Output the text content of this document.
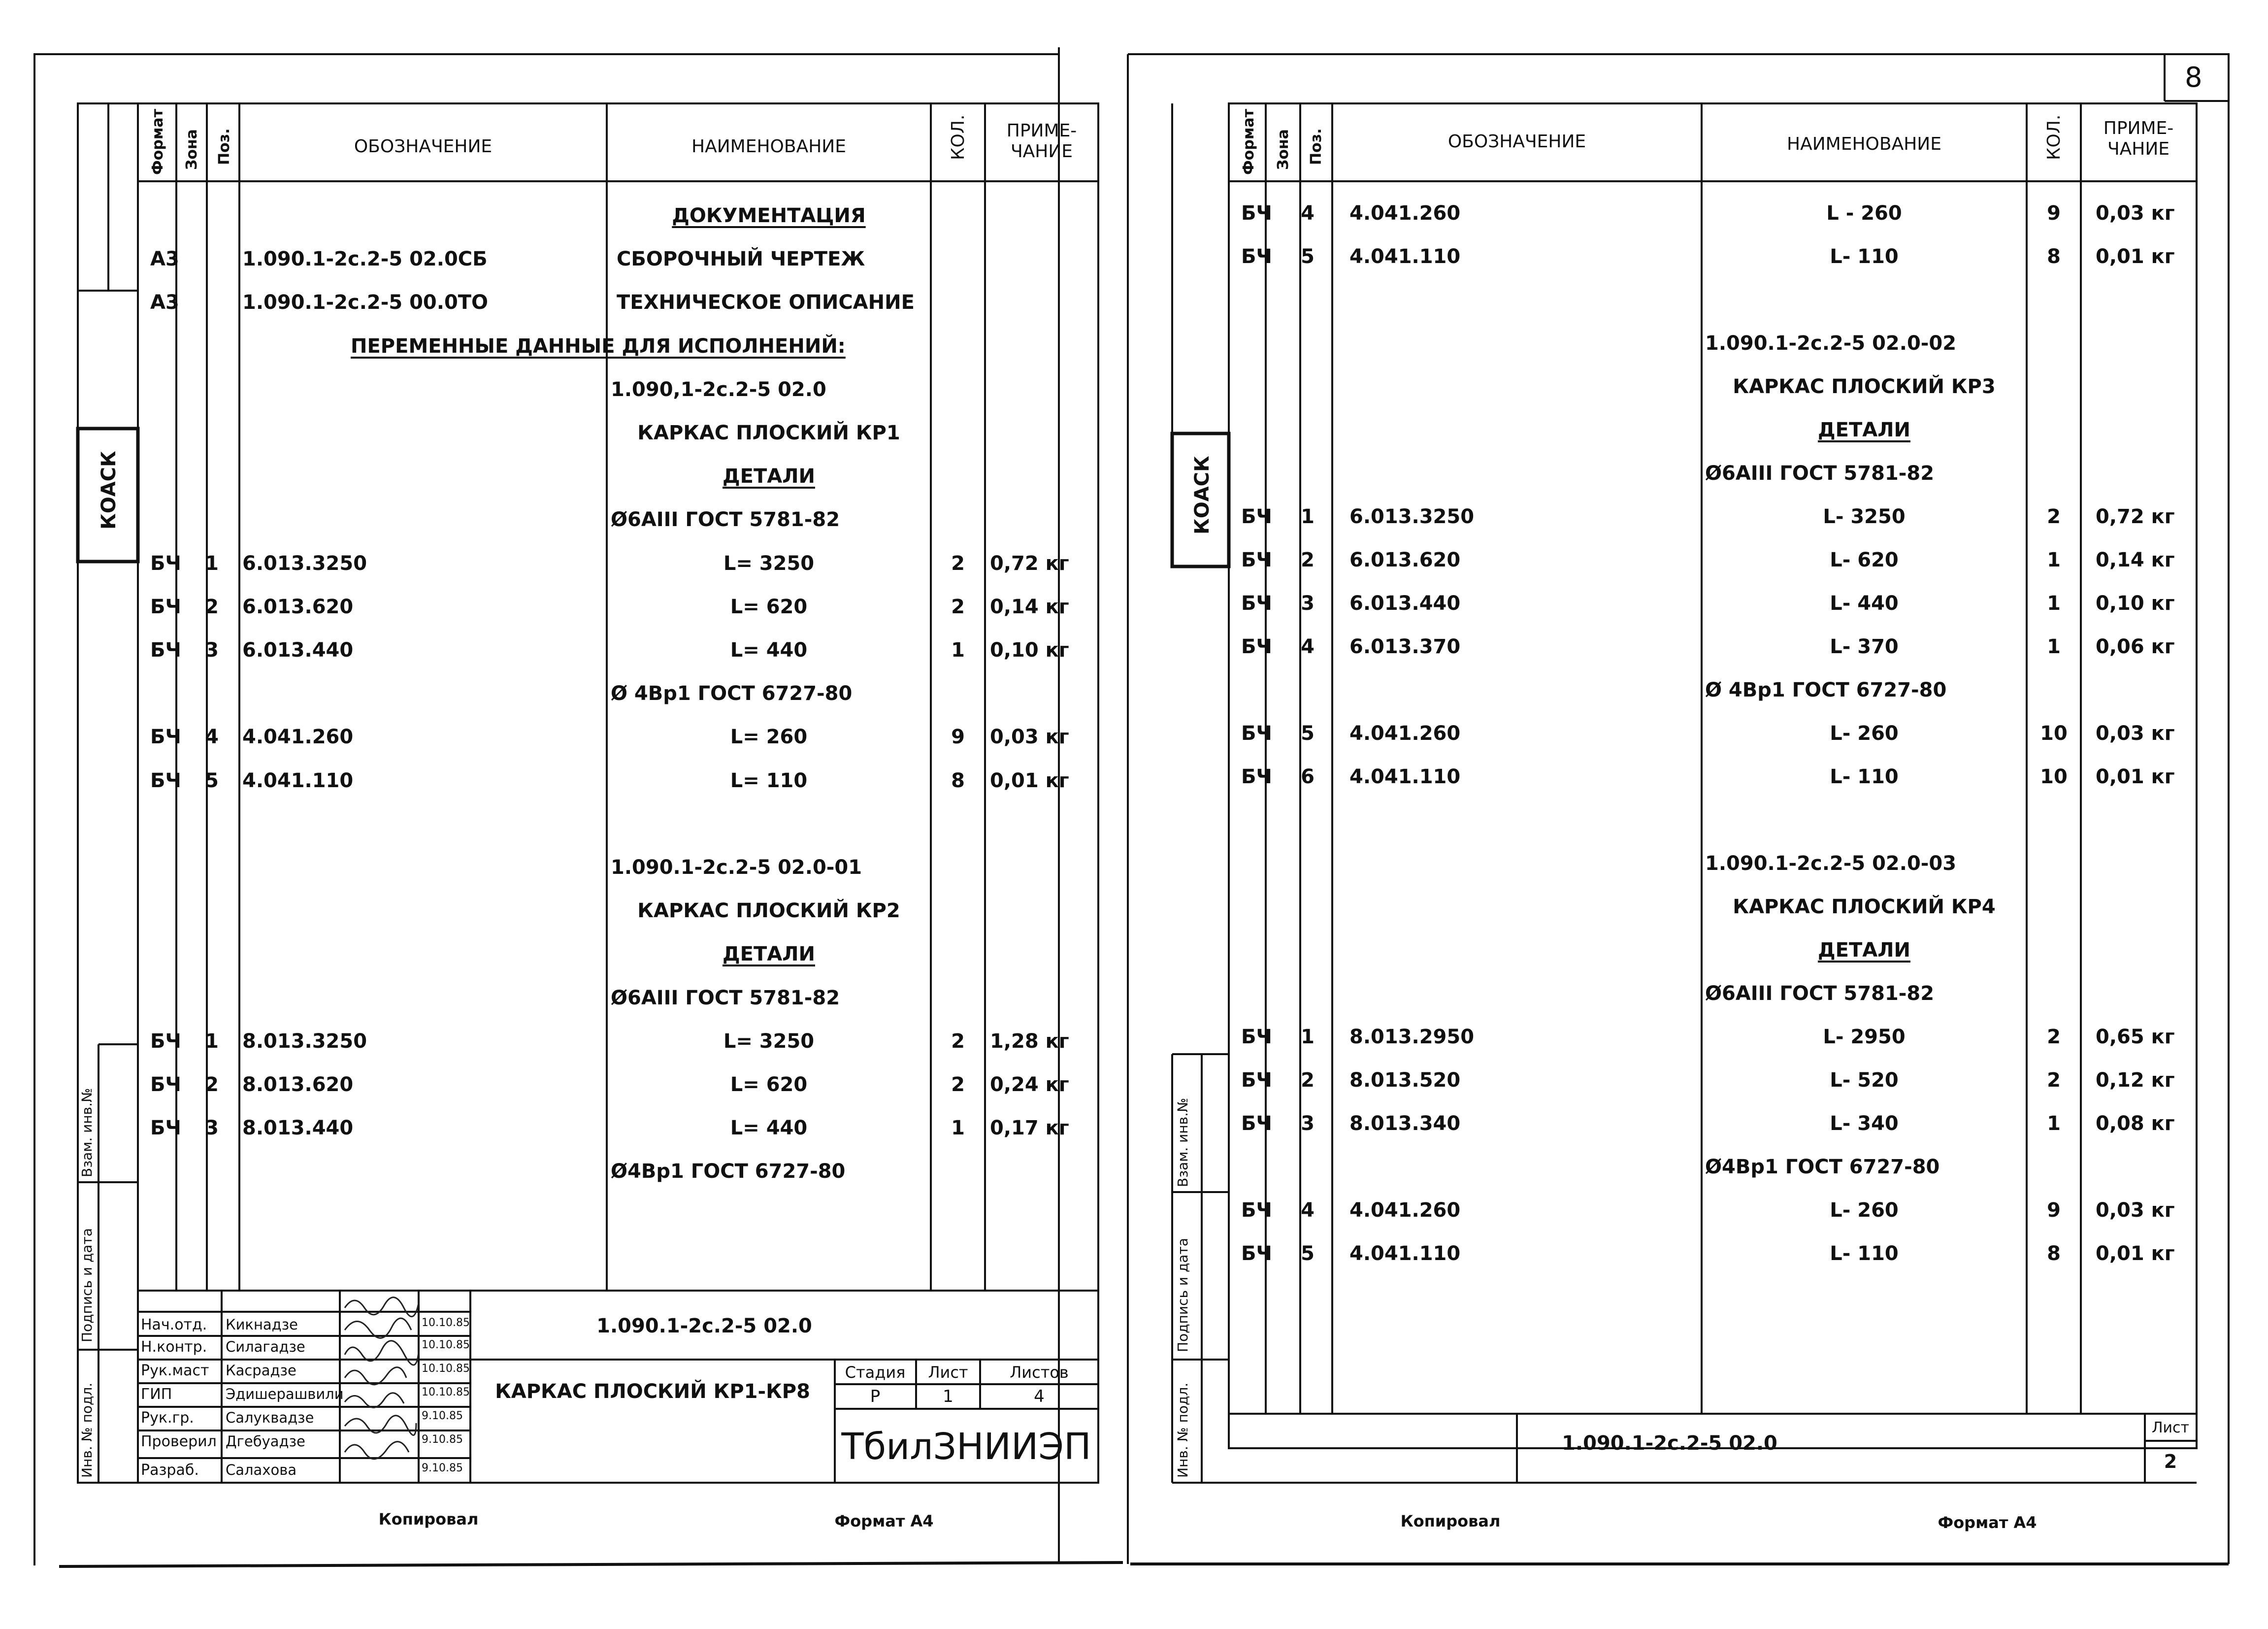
8
Формат Зона Поз.	ОБОЗНАЧЕНИЕ	НАИМЕНОВАНИЕ	КОЛ. ПРИМЕ-
ЧАНИЕ	Формат Зона Поз.	ОБОЗНАЧЕНИЕ	НАИМЕНОВАНИЕ	КОЛ. ПРИМЕ-
ЧАНИЕ
ДОКУМЕНТАЦИЯ
А3	1.090.1-2с.2-5 02.0СБ	СБОРОЧНЫЙ ЧЕРТЕЖ
А3	1.090.1-2с.2-5 00.0ТО	ТЕХНИЧЕСКОЕ ОПИСАНИЕ
ПЕРЕМЕННЫЕ ДАННЫЕ ДЛЯ ИСПОЛНЕНИЙ:
1.090,1-2с.2-5 02.0
КАРКАС ПЛОСКИЙ КР1
ДЕТАЛИ
Ø6АIII ГОСТ 5781-82
БЧ 1 6.013.3250	L= 3250	2 0,72 кг
БЧ 2 6.013.620	L= 620	2 0,14 кг
БЧ 3 6.013.440	L= 440	1 0,10 кг
Ø 4Вр1 ГОСТ 6727-80
БЧ 4 4.041.260	L= 260	9 0,03 кг
БЧ 5 4.041.110	L= 110	8 0,01 кг
1.090.1-2с.2-5 02.0-01
КАРКАС ПЛОСКИЙ КР2
ДЕТАЛИ
Ø6АIII ГОСТ 5781-82
БЧ 1 8.013.3250	L= 3250	2 1,28 кг
БЧ 2 8.013.620	L= 620	2 0,24 кг
БЧ 3 8.013.440	L= 440	1 0,17 кг
Ø4Вр1 ГОСТ 6727-80
БЧ 4 4.041.260	L - 260	9 0,03 кг
БЧ 5 4.041.110	L- 110	8 0,01 кг
1.090.1-2с.2-5 02.0-02
КАРКАС ПЛОСКИЙ КР3
ДЕТАЛИ
Ø6АIII ГОСТ 5781-82
БЧ 1 6.013.3250	L- 3250	2 0,72 кг
БЧ 2 6.013.620	L- 620	1 0,14 кг
БЧ 3 6.013.440	L- 440	1 0,10 кг
БЧ 4 6.013.370	L- 370	1 0,06 кг
Ø 4Вр1 ГОСТ 6727-80
БЧ 5 4.041.260	L- 260	10 0,03 кг
БЧ 6 4.041.110	L- 110	10 0,01 кг
1.090.1-2с.2-5 02.0-03
КАРКАС ПЛОСКИЙ КР4
ДЕТАЛИ
Ø6АIII ГОСТ 5781-82
БЧ 1 8.013.2950	L- 2950	2 0,65 кг
БЧ 2 8.013.520	L- 520	2 0,12 кг
БЧ 3 8.013.340	L- 340	1 0,08 кг
Ø4Вр1 ГОСТ 6727-80
БЧ 4 4.041.260	L- 260	9 0,03 кг
БЧ 5 4.041.110	L- 110	8 0,01 кг
1.090.1-2с.2-5 02.0
КАРКАС ПЛОСКИЙ КР1-КР8
Стадия Лист	Листов
Р	1	4
ТбилЗНИИЭП
Нач.отд. Кикнадзе	10.10.85
Н.контр. Силагадзе	10.10.85
Рук.маст Касрадзе	10.10.85
ГИП	Эдишерашвили	10.10.85
Рук.гр. Салуквадзе	9.10.85
Проверил Дгебуадзе	9.10.85
Разраб. Салахова	9.10.85
1.090.1-2с.2-5 02.0
Лист
2
КОАСК	КОАСК
Взам. инв.№
Подпись и дата
Инв. № подл.
Взам. инв.№
Подпись и дата
Инв. № подл.
Копировал	Формат А4	Копировал	Формат А4
